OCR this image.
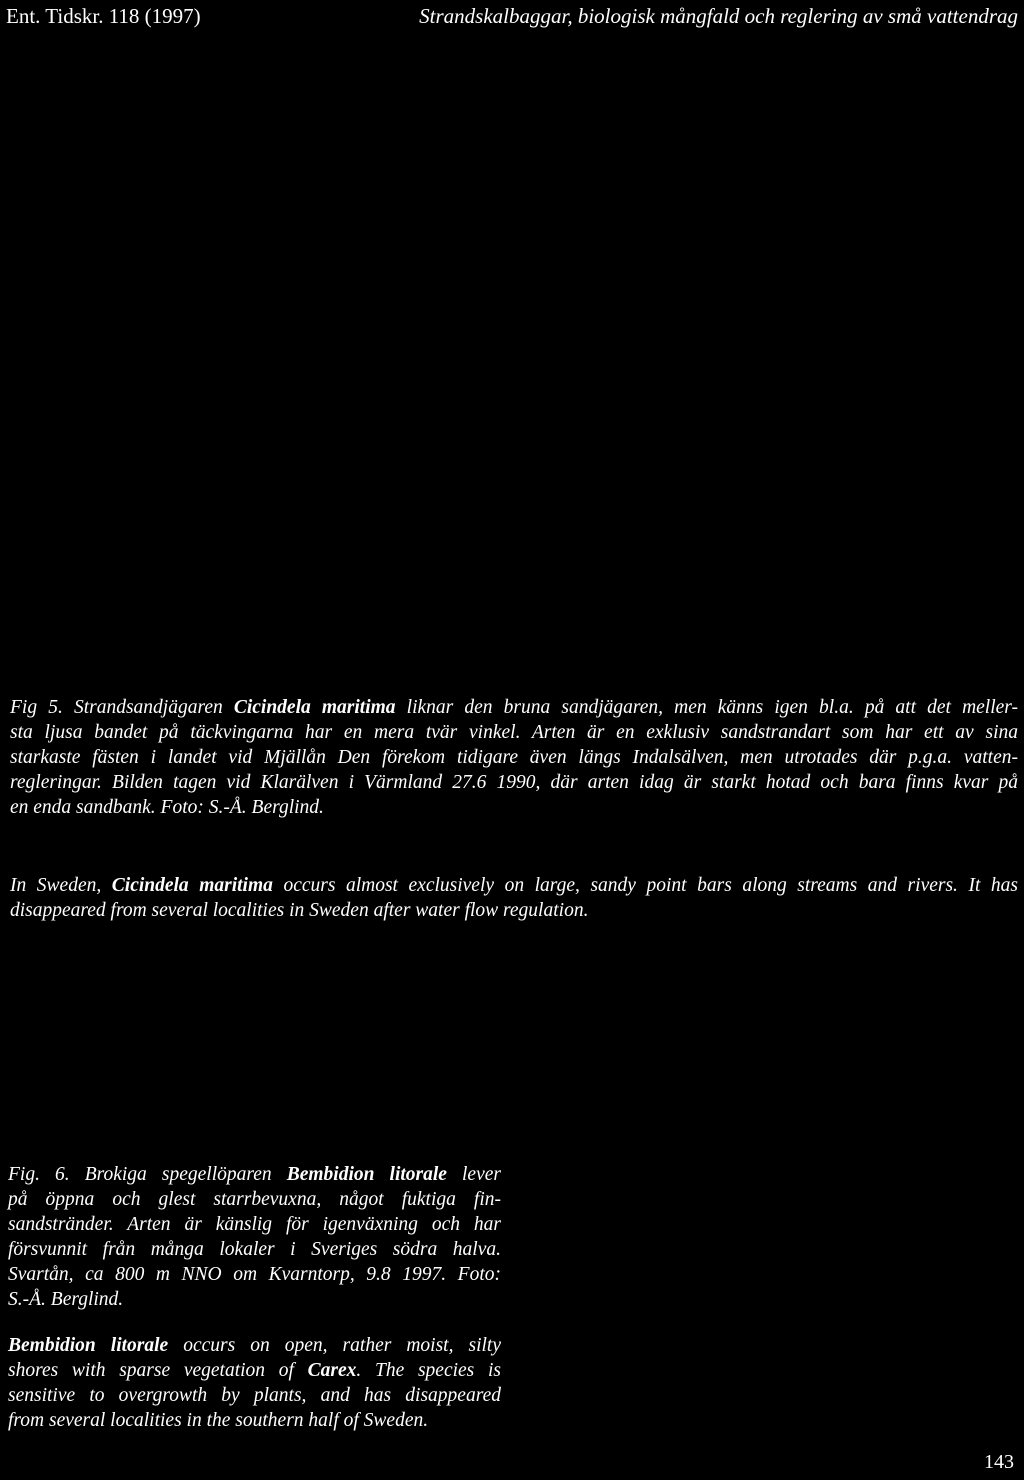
Ent. Tidskr. 118 (1997)	Strandskalbaggar, biologisk mångfald och reglering av små vattendrag
Fig 5. Strandsandjägaren Cicindela maritima liknar den bruna sandjägaren, men känns igen bl.a. på att det meller-
sta ljusa bandet på täckvingarna har en mera tvär vinkel. Arten är en exklusiv sandstrandart som har ett av sina
starkaste fästen i landet vid Mjällån Den förekom tidigare även längs Indalsälven, men utrotades där p.g.a. vatten-
regleringar. Bilden tagen vid Klarälven i Värmland 27.6 1990, där arten idag är starkt hotad och bara finns kvar på
en enda sandbank. Foto: S.-Å. Berglind.
In Sweden, Cicindela maritima occurs almost exclusively on large, sandy point bars along streams and rivers. It has
disappeared from several localities in Sweden after water flow regulation.
Fig. 6. Brokiga spegellöparen Bembidion litorale lever
på öppna och glest starrbevuxna, något fuktiga fin-
sandstränder. Arten är känslig för igenväxning och har
försvunnit från många lokaler i Sveriges södra halva.
Svartån, ca 800 m NNO om Kvarntorp, 9.8 1997. Foto:
S.-Å. Berglind.
Bembidion litorale occurs on open, rather moist, silty
shores with sparse vegetation of Carex. The species is
sensitive to overgrowth by plants, and has disappeared
from several localities in the southern half of Sweden.
143
